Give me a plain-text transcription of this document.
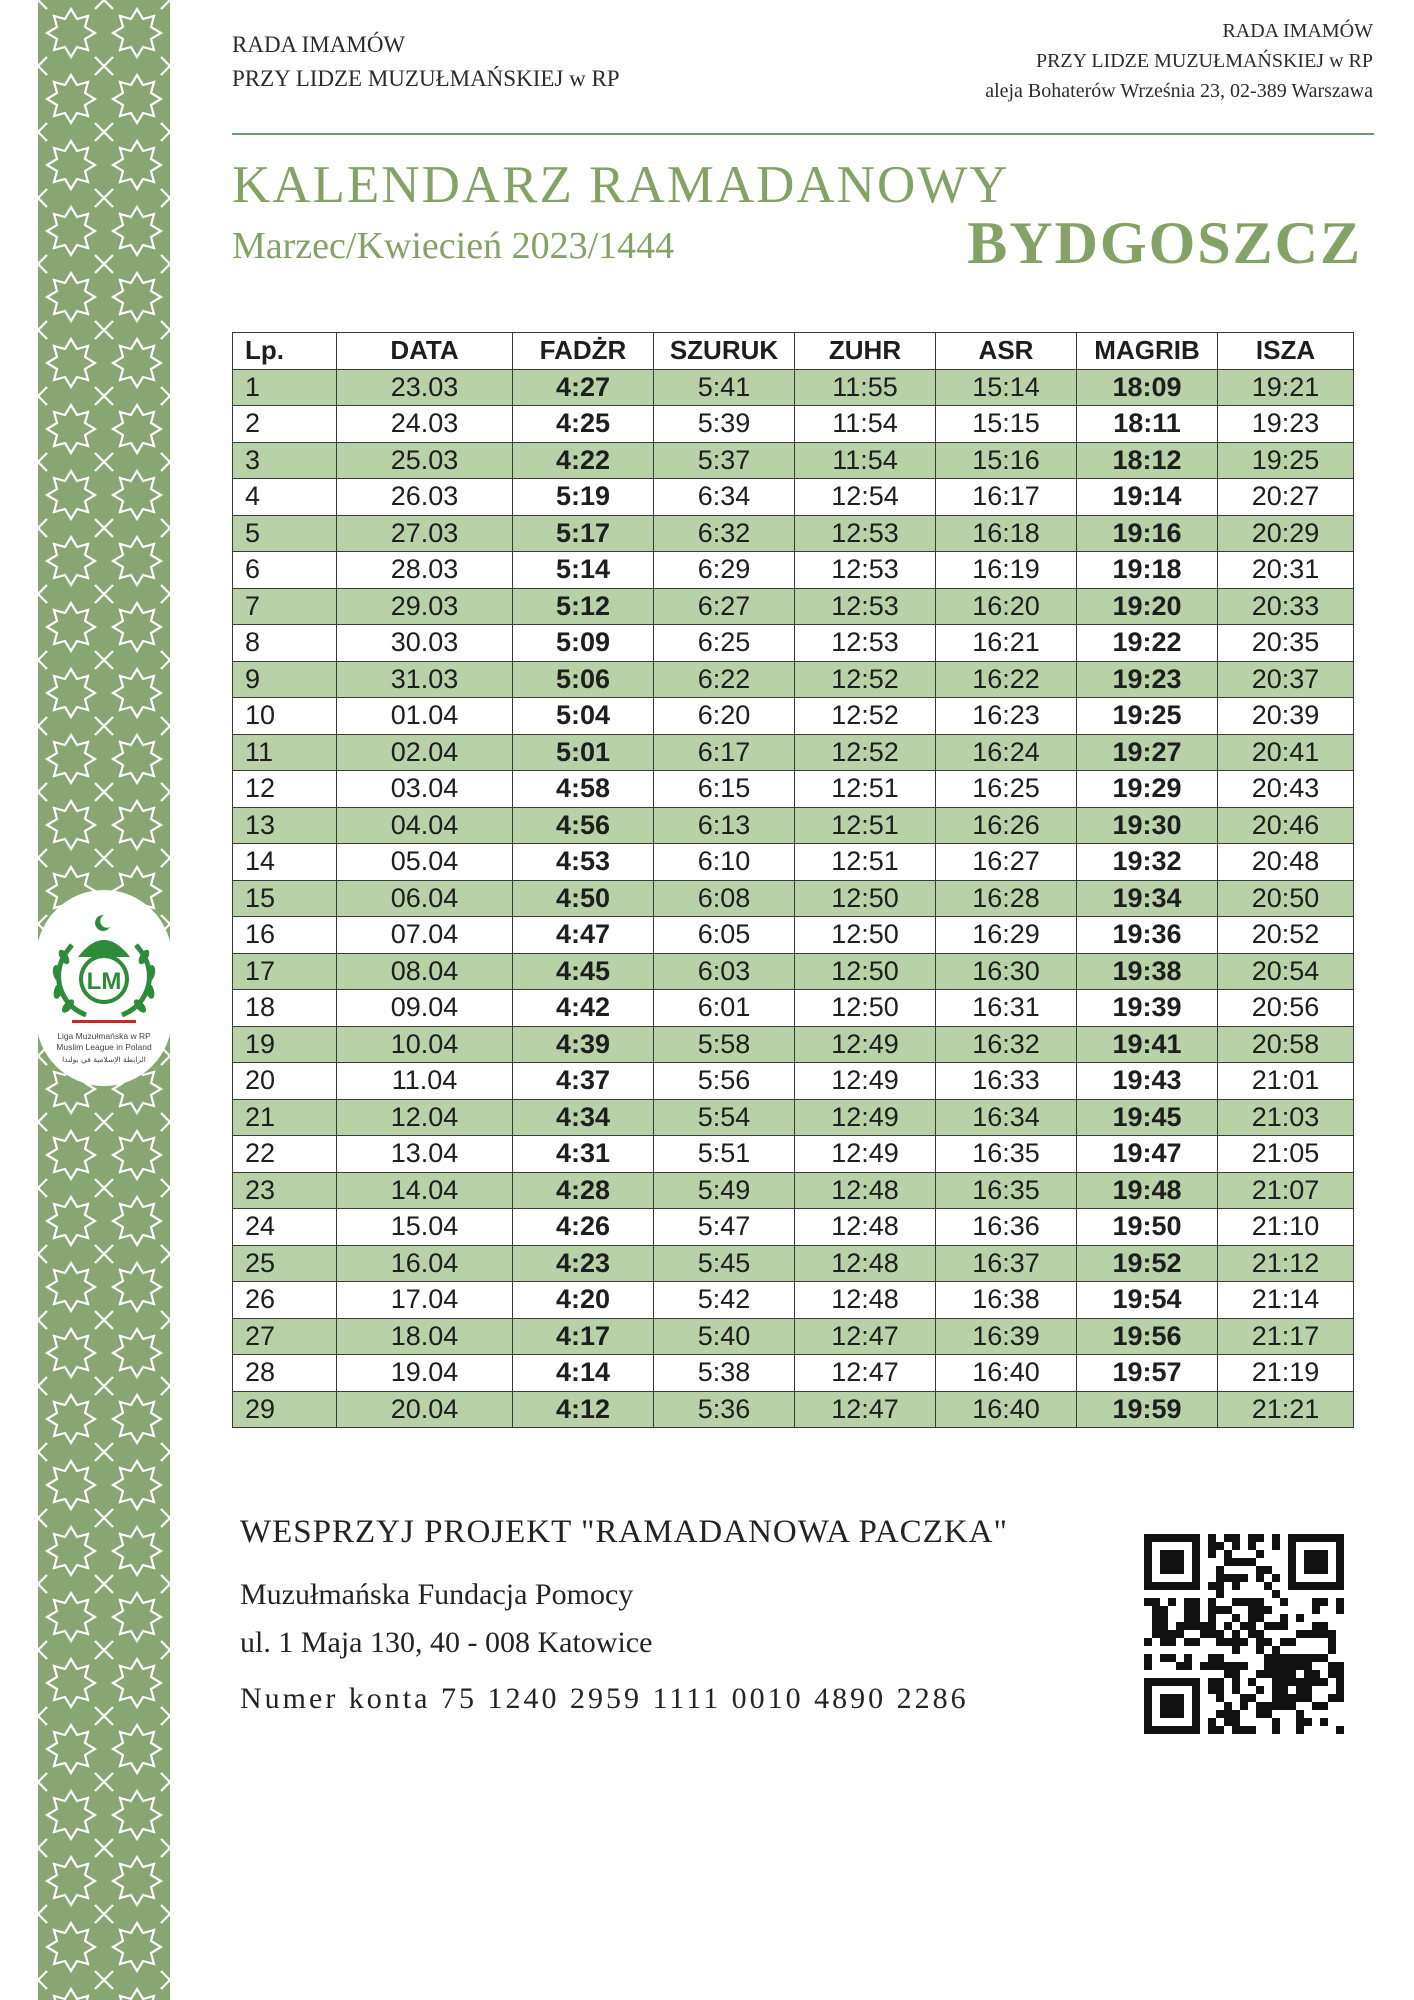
LM
Liga Muzułmańska w RP
Muslim League in Poland
الرابطة الإسلامية في بولندا
RADA IMAMÓW
PRZY LIDZE MUZUŁMAŃSKIEJ w RP
RADA IMAMÓW
PRZY LIDZE MUZUŁMAŃSKIEJ w RP
aleja Bohaterów Września 23, 02-389 Warszawa
KALENDARZ RAMADANOWY
Marzec/Kwiecień 2023/1444	BYDGOSZCZ
Lp.	DATA	FADŻR	SZURUK	ZUHR	ASR	MAGRIB	ISZA
1	23.03	4:27	5:41	11:55	15:14	18:09	19:21
2	24.03	4:25	5:39	11:54	15:15	18:11	19:23
3	25.03	4:22	5:37	11:54	15:16	18:12	19:25
4	26.03	5:19	6:34	12:54	16:17	19:14	20:27
5	27.03	5:17	6:32	12:53	16:18	19:16	20:29
6	28.03	5:14	6:29	12:53	16:19	19:18	20:31
7	29.03	5:12	6:27	12:53	16:20	19:20	20:33
8	30.03	5:09	6:25	12:53	16:21	19:22	20:35
9	31.03	5:06	6:22	12:52	16:22	19:23	20:37
10	01.04	5:04	6:20	12:52	16:23	19:25	20:39
11	02.04	5:01	6:17	12:52	16:24	19:27	20:41
12	03.04	4:58	6:15	12:51	16:25	19:29	20:43
13	04.04	4:56	6:13	12:51	16:26	19:30	20:46
14	05.04	4:53	6:10	12:51	16:27	19:32	20:48
15	06.04	4:50	6:08	12:50	16:28	19:34	20:50
16	07.04	4:47	6:05	12:50	16:29	19:36	20:52
17	08.04	4:45	6:03	12:50	16:30	19:38	20:54
18	09.04	4:42	6:01	12:50	16:31	19:39	20:56
19	10.04	4:39	5:58	12:49	16:32	19:41	20:58
20	11.04	4:37	5:56	12:49	16:33	19:43	21:01
21	12.04	4:34	5:54	12:49	16:34	19:45	21:03
22	13.04	4:31	5:51	12:49	16:35	19:47	21:05
23	14.04	4:28	5:49	12:48	16:35	19:48	21:07
24	15.04	4:26	5:47	12:48	16:36	19:50	21:10
25	16.04	4:23	5:45	12:48	16:37	19:52	21:12
26	17.04	4:20	5:42	12:48	16:38	19:54	21:14
27	18.04	4:17	5:40	12:47	16:39	19:56	21:17
28	19.04	4:14	5:38	12:47	16:40	19:57	21:19
29	20.04	4:12	5:36	12:47	16:40	19:59	21:21
WESPRZYJ PROJEKT "RAMADANOWA PACZKA"
Muzułmańska Fundacja Pomocy
ul. 1 Maja 130, 40 - 008 Katowice
Numer konta 75 1240 2959 1111 0010 4890 2286
